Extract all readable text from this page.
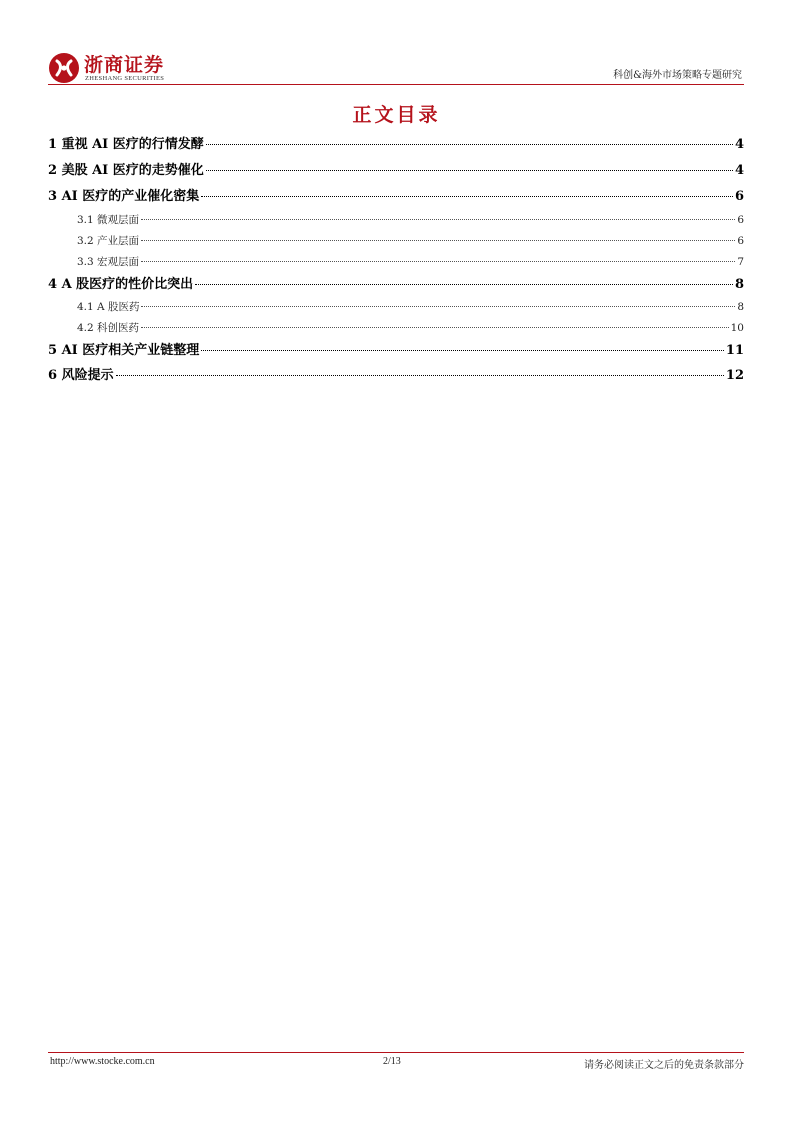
浙商证券
ZHESHANG SECURITIES	科创&海外市场策略专题研究
正文目录
1 重视 AI 医疗的行情发酵	4
2 美股 AI 医疗的走势催化	4
3 AI 医疗的产业催化密集	6
3.1 微观层面	6
3.2 产业层面	6
3.3 宏观层面	7
4 A 股医疗的性价比突出	8
4.1 A 股医药	8
4.2 科创医药	10
5 AI 医疗相关产业链整理	11
6 风险提示	12
http://www.stocke.com.cn	2/13	请务必阅读正文之后的免责条款部分
